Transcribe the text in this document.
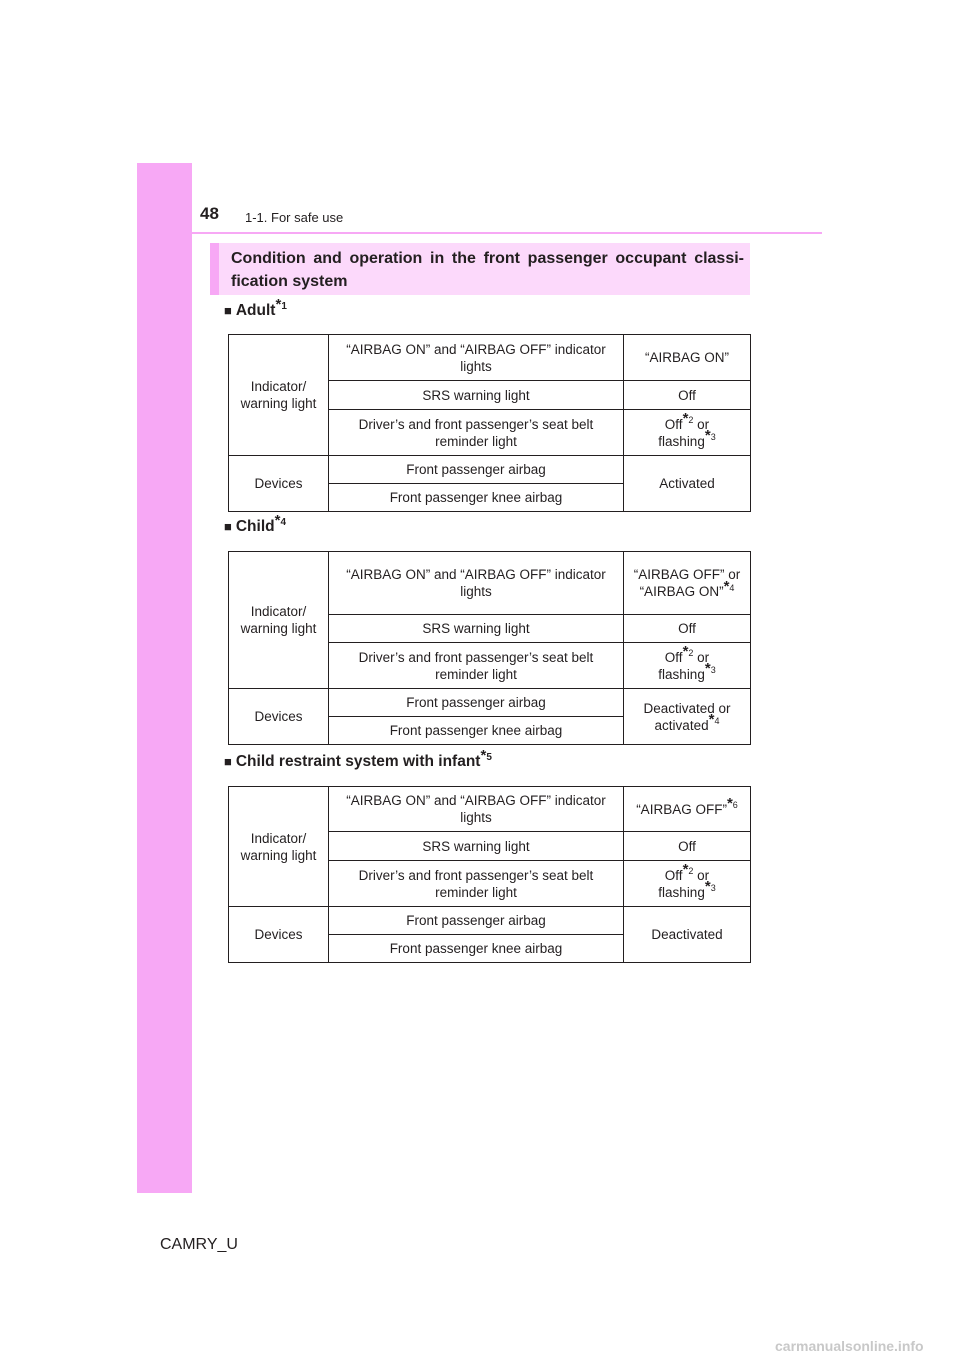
48 1-1. For safe use
Condition and operation in the front passenger occupant classi-fication system
■ Adult$^{*1}$
Indicator/ warning light	“AIRBAG ON” and “AIRBAG OFF” indicator lights	“AIRBAG ON”
	SRS warning light	Off
	Driver’s and front passenger’s seat belt reminder light	Off$^{*2}$ or
flashing$^{*3}$
Devices	Front passenger airbag	Activated
	Front passenger knee airbag	
■ Child$^{*4}$
Indicator/ warning light	“AIRBAG ON” and “AIRBAG OFF” indicator lights	“AIRBAG OFF” or
“AIRBAG ON”$^{*4}$
	SRS warning light	Off
	Driver’s and front passenger’s seat belt reminder light	Off$^{*2}$ or
flashing$^{*3}$
Devices	Front passenger airbag	Deactivated or activated$^{*4}$
	Front passenger knee airbag	
■ Child restraint system with infant$^{*5}$
Indicator/ warning light	“AIRBAG ON” and “AIRBAG OFF” indicator lights	“AIRBAG OFF”$^{*6}$
	SRS warning light	Off
	Driver’s and front passenger’s seat belt reminder light	Off$^{*2}$ or
flashing$^{*3}$
Devices	Front passenger airbag	Deactivated
	Front passenger knee airbag	
CAMRY_U
carmanualsonline.info
